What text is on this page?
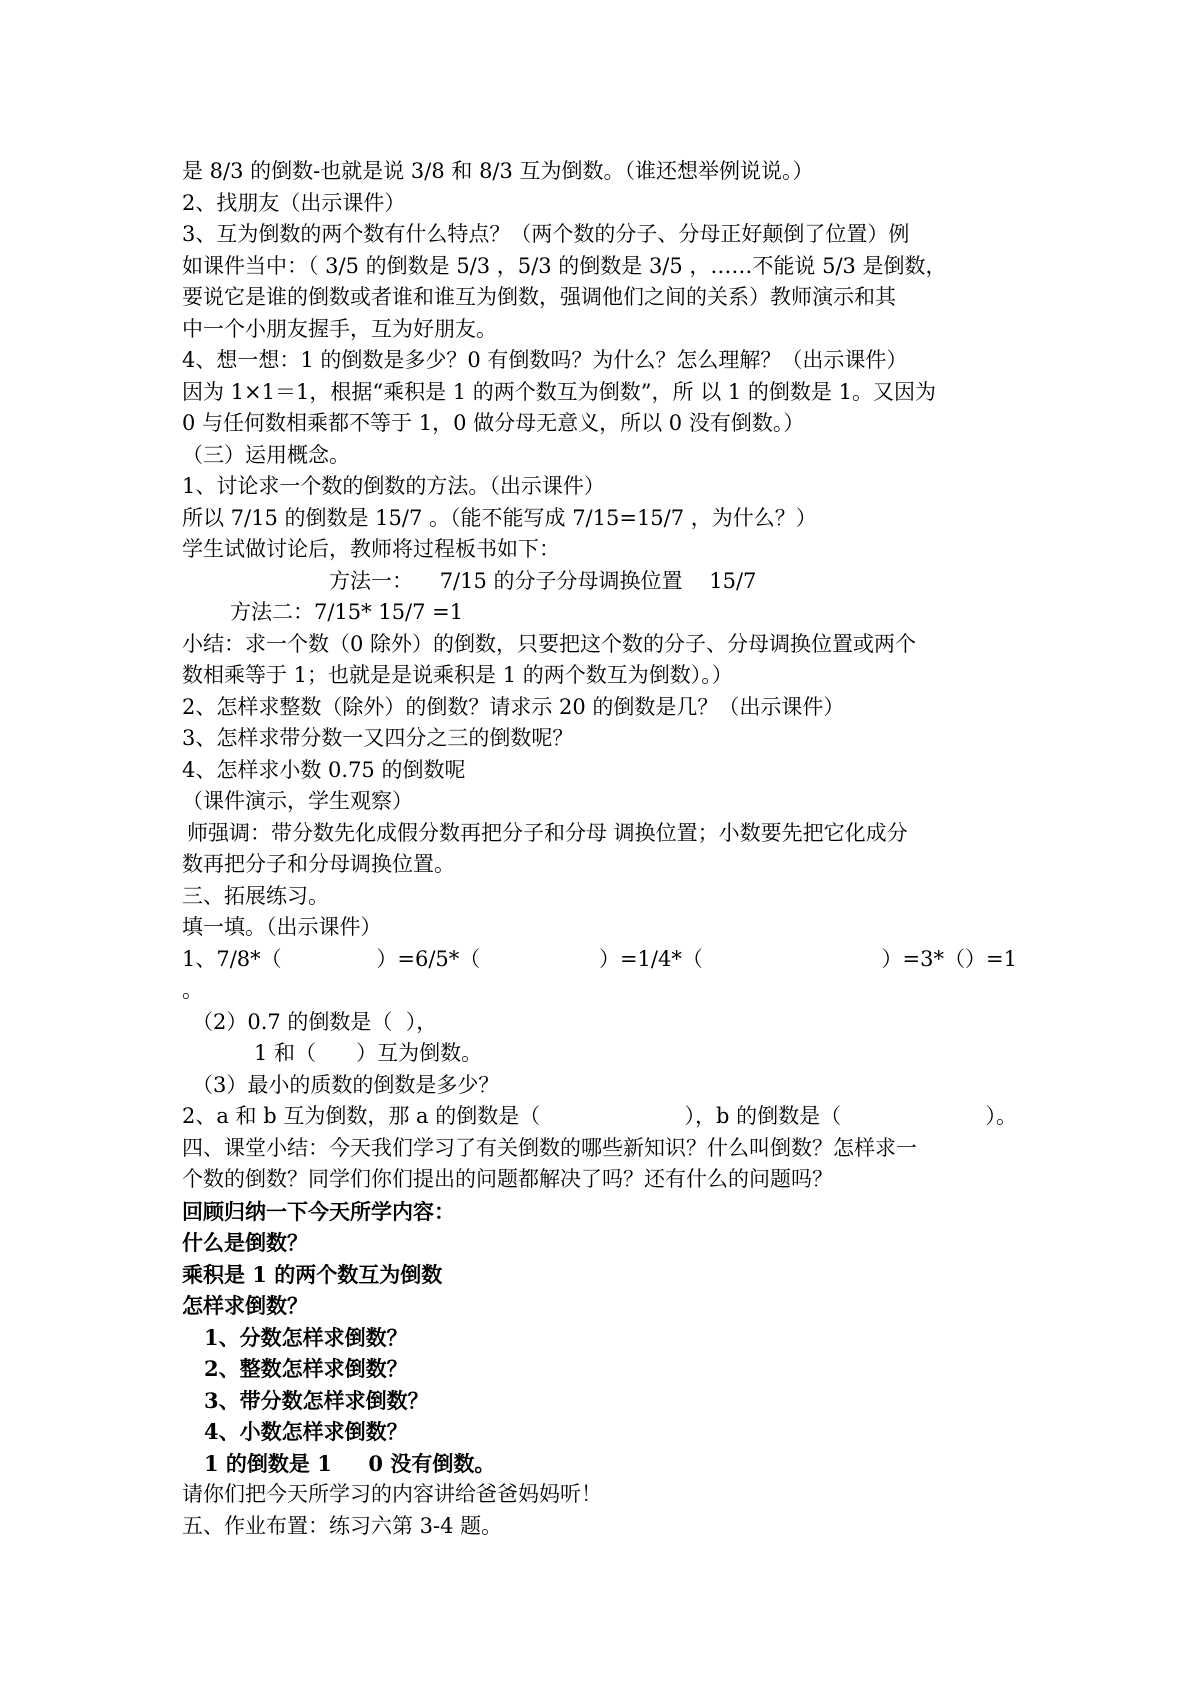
是 8/3 的倒数-也就是说 3/8 和 8/3 互为倒数。（谁还想举例说说。）
2、找朋友（出示课件）
3、互为倒数的两个数有什么特点？（两个数的分子、分母正好颠倒了位置）例
如课件当中：（ 3/5 的倒数是 5/3 ，5/3 的倒数是 3/5 ，……不能说 5/3 是倒数，
要说它是谁的倒数或者谁和谁互为倒数，强调他们之间的关系）教师演示和其
中一个小朋友握手，互为好朋友。
4、想一想：1 的倒数是多少？0 有倒数吗？为什么？怎么理解？（出示课件）
因为 1×1＝1，根据“乘积是 1 的两个数互为倒数”，所 以 1 的倒数是 1。又因为
0 与任何数相乘都不等于 1，0 做分母无意义，所以 0 没有倒数。）
（三）运用概念。
1、讨论求一个数的倒数的方法。（出示课件）
所以 7/15 的倒数是 15/7 。（能不能写成 7/15=15/7 ，为什么？）
学生试做讨论后，教师将过程板书如下：
方法一：    7/15 的分子分母调换位置    15/7
方法二：7/15* 15/7 =1
小结：求一个数（0 除外）的倒数，只要把这个数的分子、分母调换位置或两个
数相乘等于 1；也就是是说乘积是 1 的两个数互为倒数）。）
2、怎样求整数（除外）的倒数？请求示 20 的倒数是几？（出示课件）
3、怎样求带分数一又四分之三的倒数呢？
4、怎样求小数 0.75 的倒数呢
（课件演示，学生观察）
师强调：带分数先化成假分数再把分子和分母 调换位置；小数要先把它化成分
数再把分子和分母调换位置。
三、拓展练习。
填一填。（出示课件）
1、7/8*（	）=6/5*（	）=1/4*（	）=3*（）=1
。
（2）0.7 的倒数是（  ），
1 和（      ）互为倒数。
（3）最小的质数的倒数是多少？
2、a 和 b 互为倒数，那 a 的倒数是（	），b 的倒数是（	）。
四、课堂小结：今天我们学习了有关倒数的哪些新知识？什么叫倒数？怎样求一
个数的倒数？同学们你们提出的问题都解决了吗？还有什么的问题吗？
回顾归纳一下今天所学内容：
什么是倒数？
乘积是 1 的两个数互为倒数
怎样求倒数？
1、分数怎样求倒数？
2、整数怎样求倒数？
3、带分数怎样求倒数？
4、小数怎样求倒数？
1 的倒数是 1     0 没有倒数。
请你们把今天所学习的内容讲给爸爸妈妈听！
五、作业布置：练习六第 3-4 题。
